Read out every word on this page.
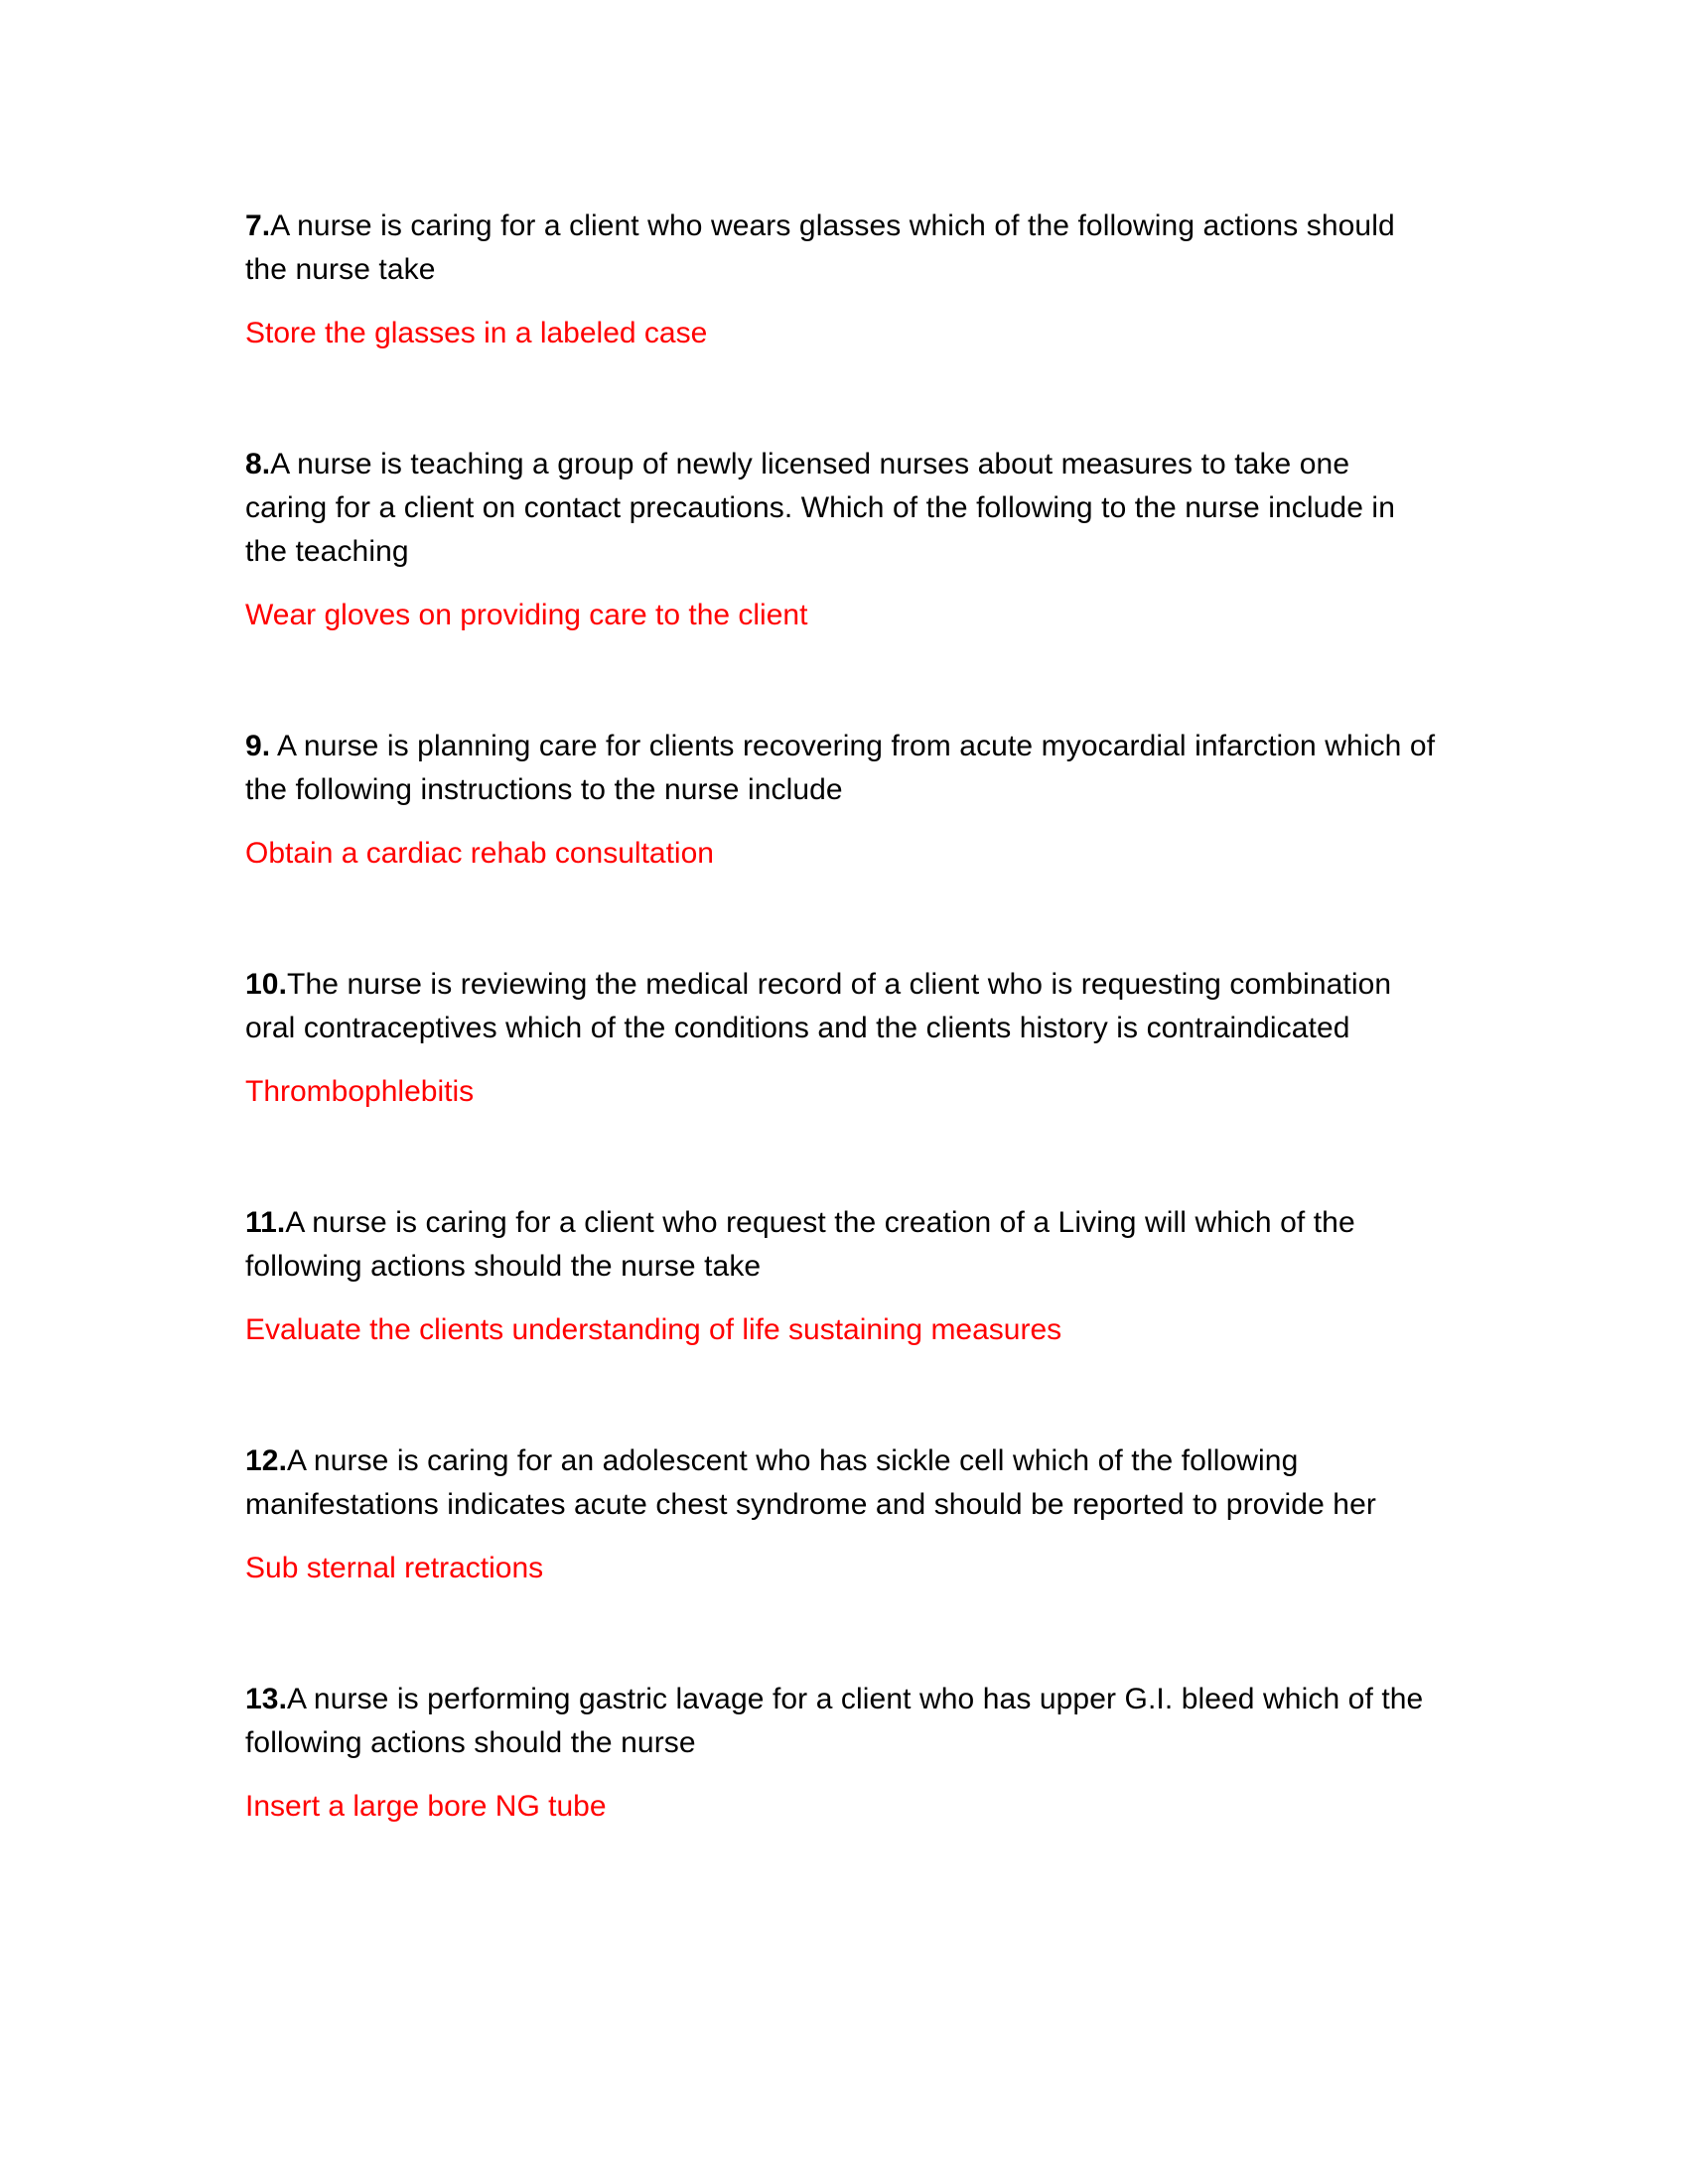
7.A nurse is caring for a client who wears glasses which of the following actions should the nurse take

Store the glasses in a labeled case

8.A nurse is teaching a group of newly licensed nurses about measures to take one caring for a client on contact precautions. Which of the following to the nurse include in the teaching

Wear gloves on providing care to the client

9. A nurse is planning care for clients recovering from acute myocardial infarction which of the following instructions to the nurse include

Obtain a cardiac rehab consultation

10.The nurse is reviewing the medical record of a client who is requesting combination oral contraceptives which of the conditions and the clients history is contraindicated

Thrombophlebitis

11.A nurse is caring for a client who request the creation of a Living will which of the following actions should the nurse take

Evaluate the clients understanding of life sustaining measures

12.A nurse is caring for an adolescent who has sickle cell which of the following manifestations indicates acute chest syndrome and should be reported to provide her

Sub sternal retractions

13.A nurse is performing gastric lavage for a client who has upper G.I. bleed which of the following actions should the nurse

Insert a large bore NG tube
